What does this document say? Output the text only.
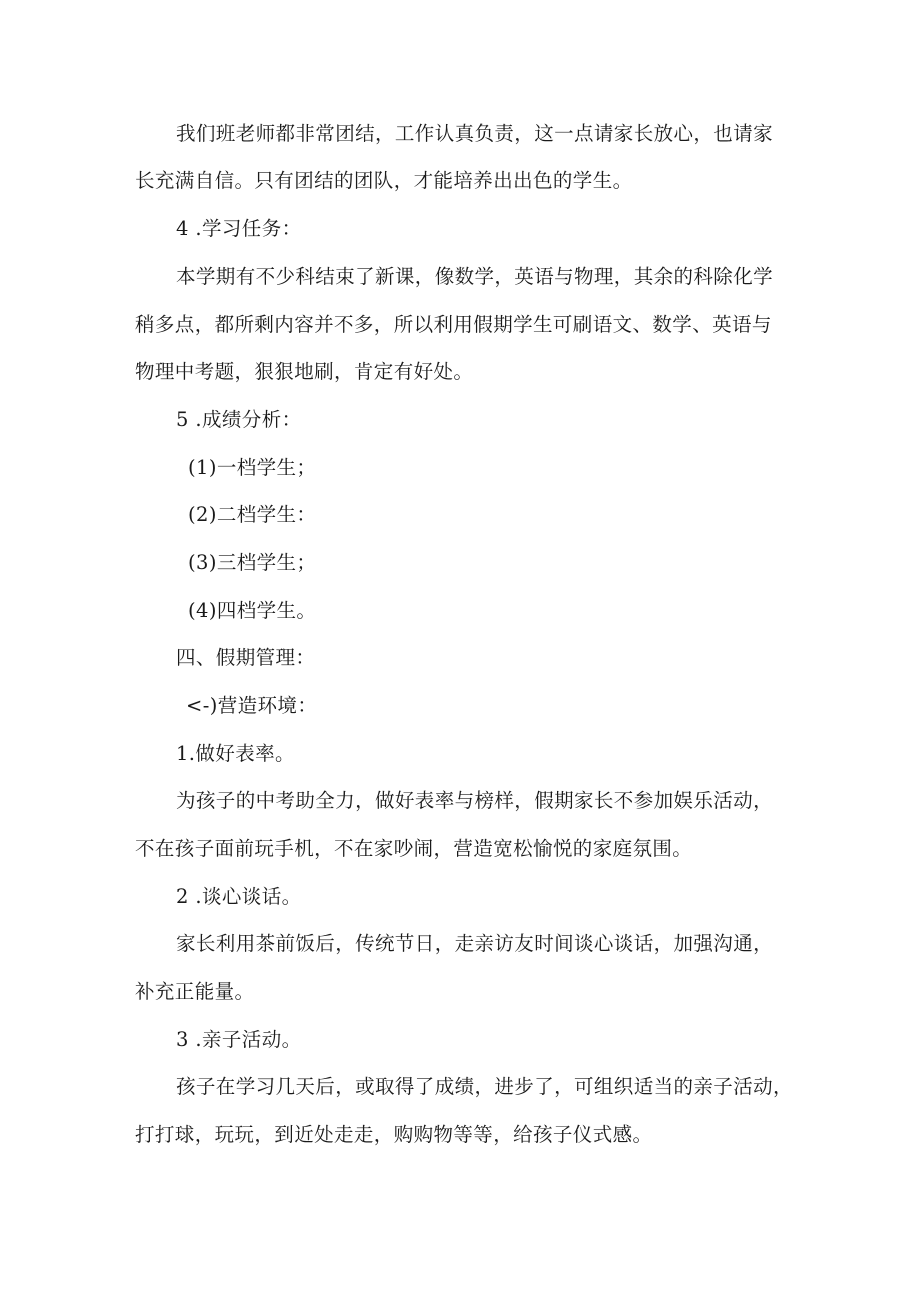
我们班老师都非常团结，工作认真负责，这一点请家长放心，也请家
长充满自信。只有团结的团队，才能培养出出色的学生。
4 .学习任务：
本学期有不少科结束了新课，像数学，英语与物理，其余的科除化学
稍多点，都所剩内容并不多，所以利用假期学生可刷语文、数学、英语与
物理中考题，狠狠地刷，肯定有好处。
5 .成绩分析：
(1)一档学生；
(2)二档学生：
(3)三档学生；
(4)四档学生。
四、假期管理：
<-)营造环境：
1.做好表率。
为孩子的中考助全力，做好表率与榜样，假期家长不参加娱乐活动，
不在孩子面前玩手机，不在家吵闹，营造宽松愉悦的家庭氛围。
2 .谈心谈话。
家长利用茶前饭后，传统节日，走亲访友时间谈心谈话，加强沟通，
补充正能量。
3 .亲子活动。
孩子在学习几天后，或取得了成绩，进步了，可组织适当的亲子活动，
打打球，玩玩，到近处走走，购购物等等，给孩子仪式感。
